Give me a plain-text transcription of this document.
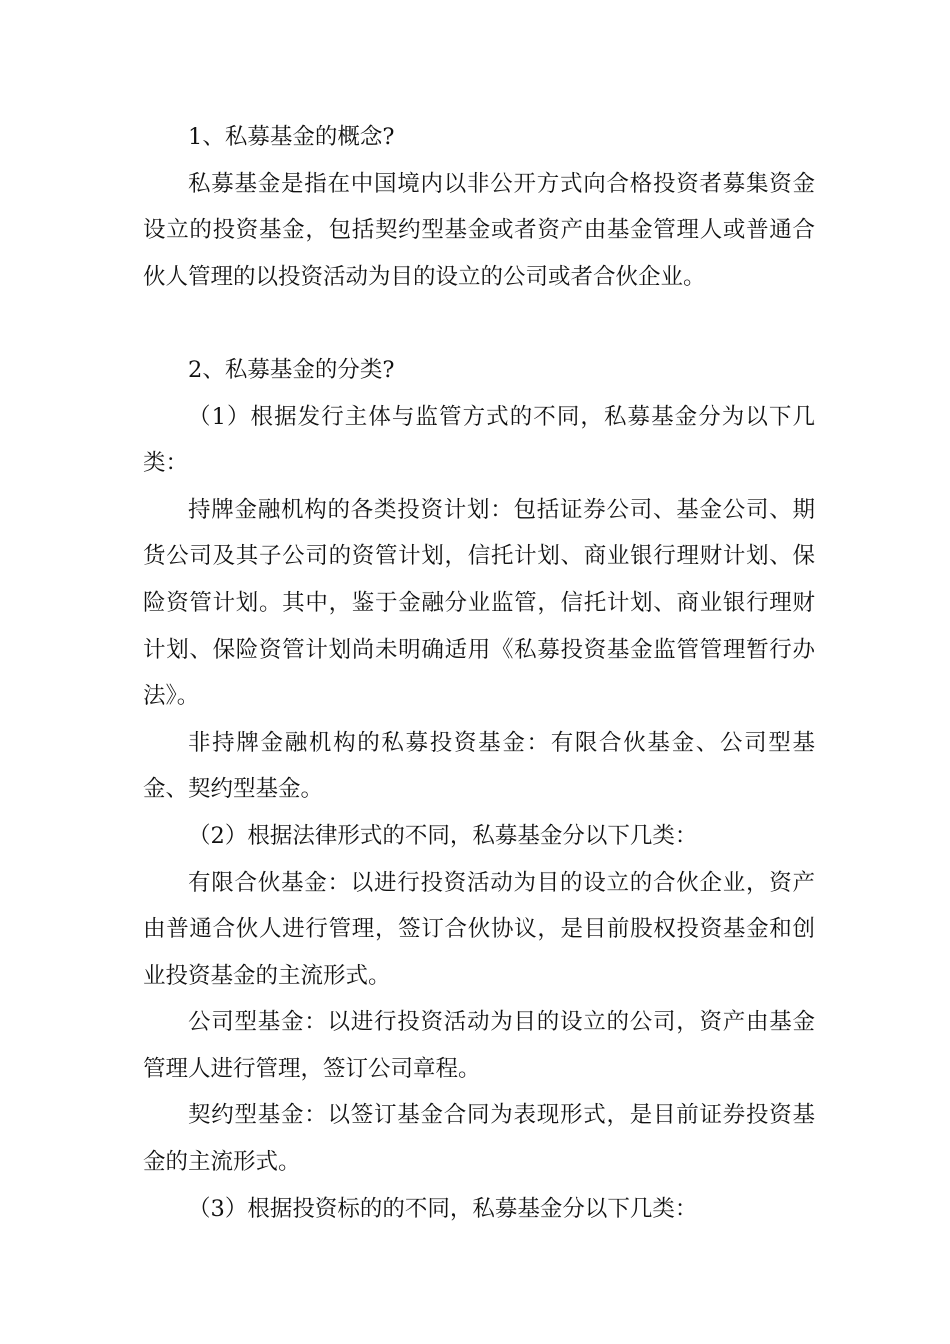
1、私募基金的概念?

私募基金是指在中国境内以非公开方式向合格投资者募集资金设立的投资基金，包括契约型基金或者资产由基金管理人或普通合伙人管理的以投资活动为目的设立的公司或者合伙企业。

2、私募基金的分类?

（1）根据发行主体与监管方式的不同，私募基金分为以下几类：

持牌金融机构的各类投资计划：包括证券公司、基金公司、期货公司及其子公司的资管计划，信托计划、商业银行理财计划、保险资管计划。其中，鉴于金融分业监管，信托计划、商业银行理财计划、保险资管计划尚未明确适用《私募投资基金监管管理暂行办法》。

非持牌金融机构的私募投资基金：有限合伙基金、公司型基金、契约型基金。

（2）根据法律形式的不同，私募基金分以下几类：

有限合伙基金：以进行投资活动为目的设立的合伙企业，资产由普通合伙人进行管理，签订合伙协议，是目前股权投资基金和创业投资基金的主流形式。

公司型基金：以进行投资活动为目的设立的公司，资产由基金管理人进行管理，签订公司章程。

契约型基金：以签订基金合同为表现形式，是目前证券投资基金的主流形式。

（3）根据投资标的的不同，私募基金分以下几类：
